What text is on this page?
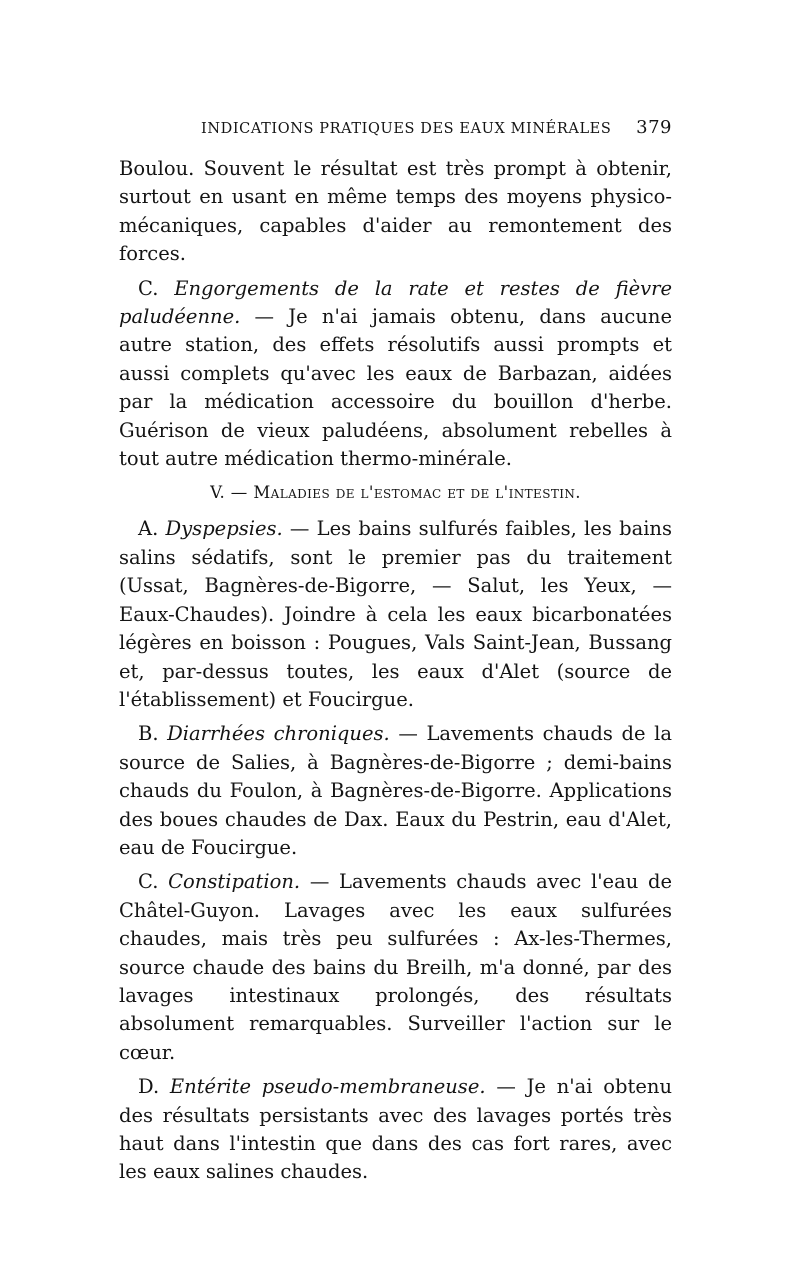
INDICATIONS PRATIQUES DES EAUX MINÉRALES 379

Boulou. Souvent le résultat est très prompt à obtenir, surtout en usant en même temps des moyens physico-mécaniques, capables d'aider au remontement des forces.

C. Engorgements de la rate et restes de fièvre paludéenne. — Je n'ai jamais obtenu, dans aucune autre station, des effets résolutifs aussi prompts et aussi complets qu'avec les eaux de Barbazan, aidées par la médication accessoire du bouillon d'herbe. Guérison de vieux paludéens, absolument rebelles à tout autre médication thermo-minérale.

V. — Maladies de l'estomac et de l'intestin.

A. Dyspepsies. — Les bains sulfurés faibles, les bains salins sédatifs, sont le premier pas du traitement (Ussat, Bagnères-de-Bigorre, — Salut, les Yeux, — Eaux-Chaudes). Joindre à cela les eaux bicarbonatées légères en boisson : Pougues, Vals Saint-Jean, Bussang et, par-dessus toutes, les eaux d'Alet (source de l'établissement) et Foucirgue.

B. Diarrhées chroniques. — Lavements chauds de la source de Salies, à Bagnères-de-Bigorre ; demi-bains chauds du Foulon, à Bagnères-de-Bigorre. Applications des boues chaudes de Dax. Eaux du Pestrin, eau d'Alet, eau de Foucirgue.

C. Constipation. — Lavements chauds avec l'eau de Châtel-Guyon. Lavages avec les eaux sulfurées chaudes, mais très peu sulfurées : Ax-les-Thermes, source chaude des bains du Breilh, m'a donné, par des lavages intestinaux prolongés, des résultats absolument remarquables. Surveiller l'action sur le cœur.

D. Entérite pseudo-membraneuse. — Je n'ai obtenu des résultats persistants avec des lavages portés très haut dans l'intestin que dans des cas fort rares, avec les eaux salines chaudes.
